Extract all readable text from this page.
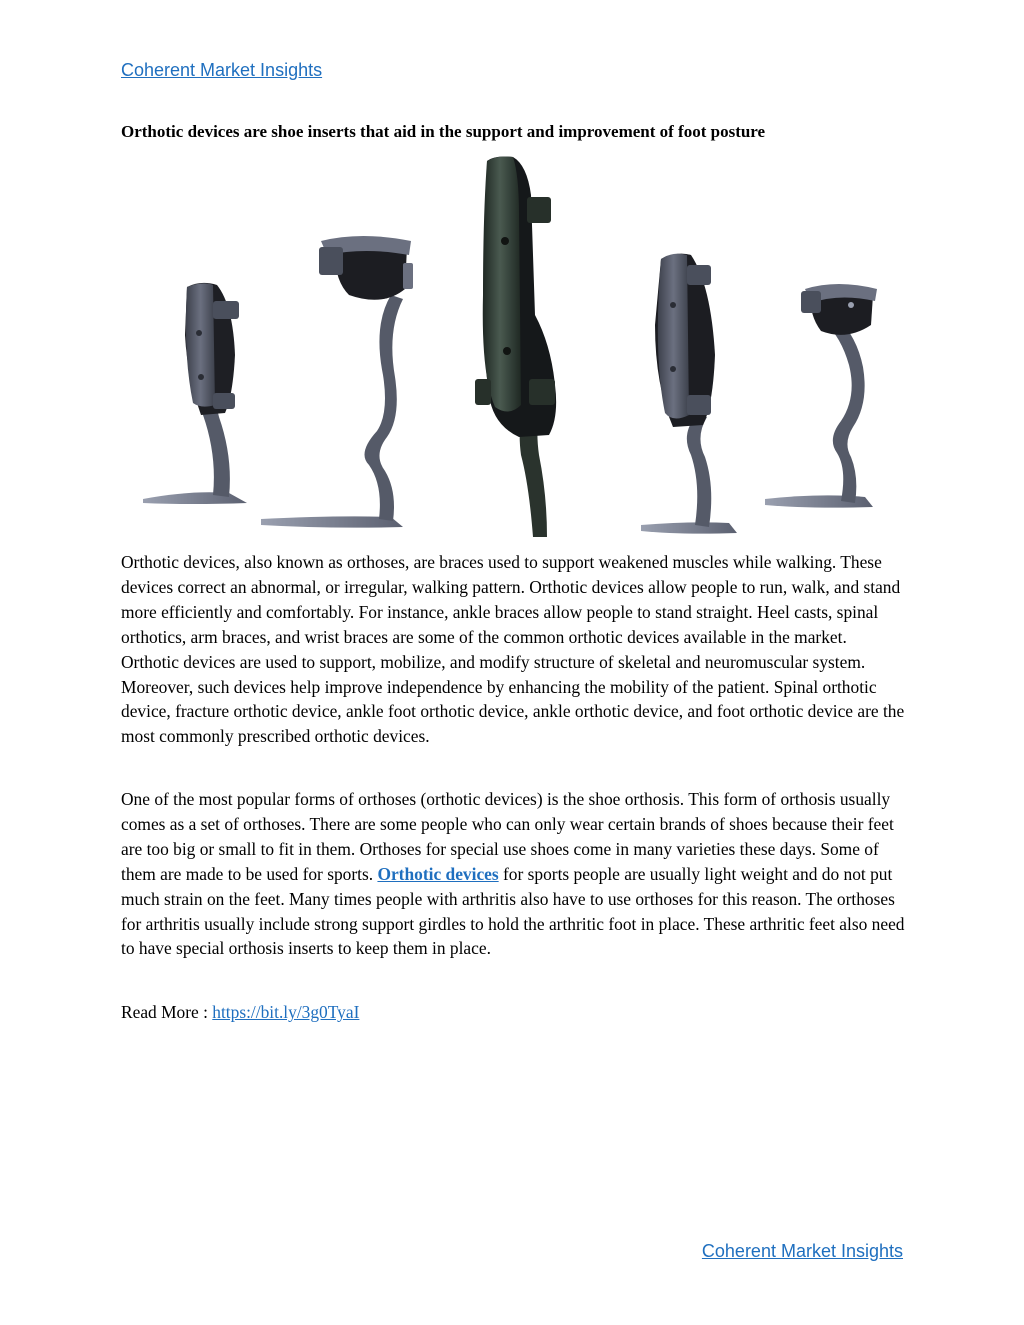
Coherent Market Insights
Orthotic devices are shoe inserts that aid in the support and improvement of foot posture

Orthotic devices, also known as orthoses, are braces used to support weakened muscles while walking. These devices correct an abnormal, or irregular, walking pattern. Orthotic devices allow people to run, walk, and stand more efficiently and comfortably. For instance, ankle braces allow people to stand straight. Heel casts, spinal orthotics, arm braces, and wrist braces are some of the common orthotic devices available in the market. Orthotic devices are used to support, mobilize, and modify structure of skeletal and neuromuscular system. Moreover, such devices help improve independence by enhancing the mobility of the patient. Spinal orthotic device, fracture orthotic device, ankle foot orthotic device, ankle orthotic device, and foot orthotic device are the most commonly prescribed orthotic devices.

One of the most popular forms of orthoses (orthotic devices) is the shoe orthosis. This form of orthosis usually comes as a set of orthoses. There are some people who can only wear certain brands of shoes because their feet are too big or small to fit in them. Orthoses for special use shoes come in many varieties these days. Some of them are made to be used for sports. Orthotic devices for sports people are usually light weight and do not put much strain on the feet. Many times people with arthritis also have to use orthoses for this reason. The orthoses for arthritis usually include strong support girdles to hold the arthritic foot in place. These arthritic feet also need to have special orthosis inserts to keep them in place.

Read More : https://bit.ly/3g0TyaI

Coherent Market Insights
